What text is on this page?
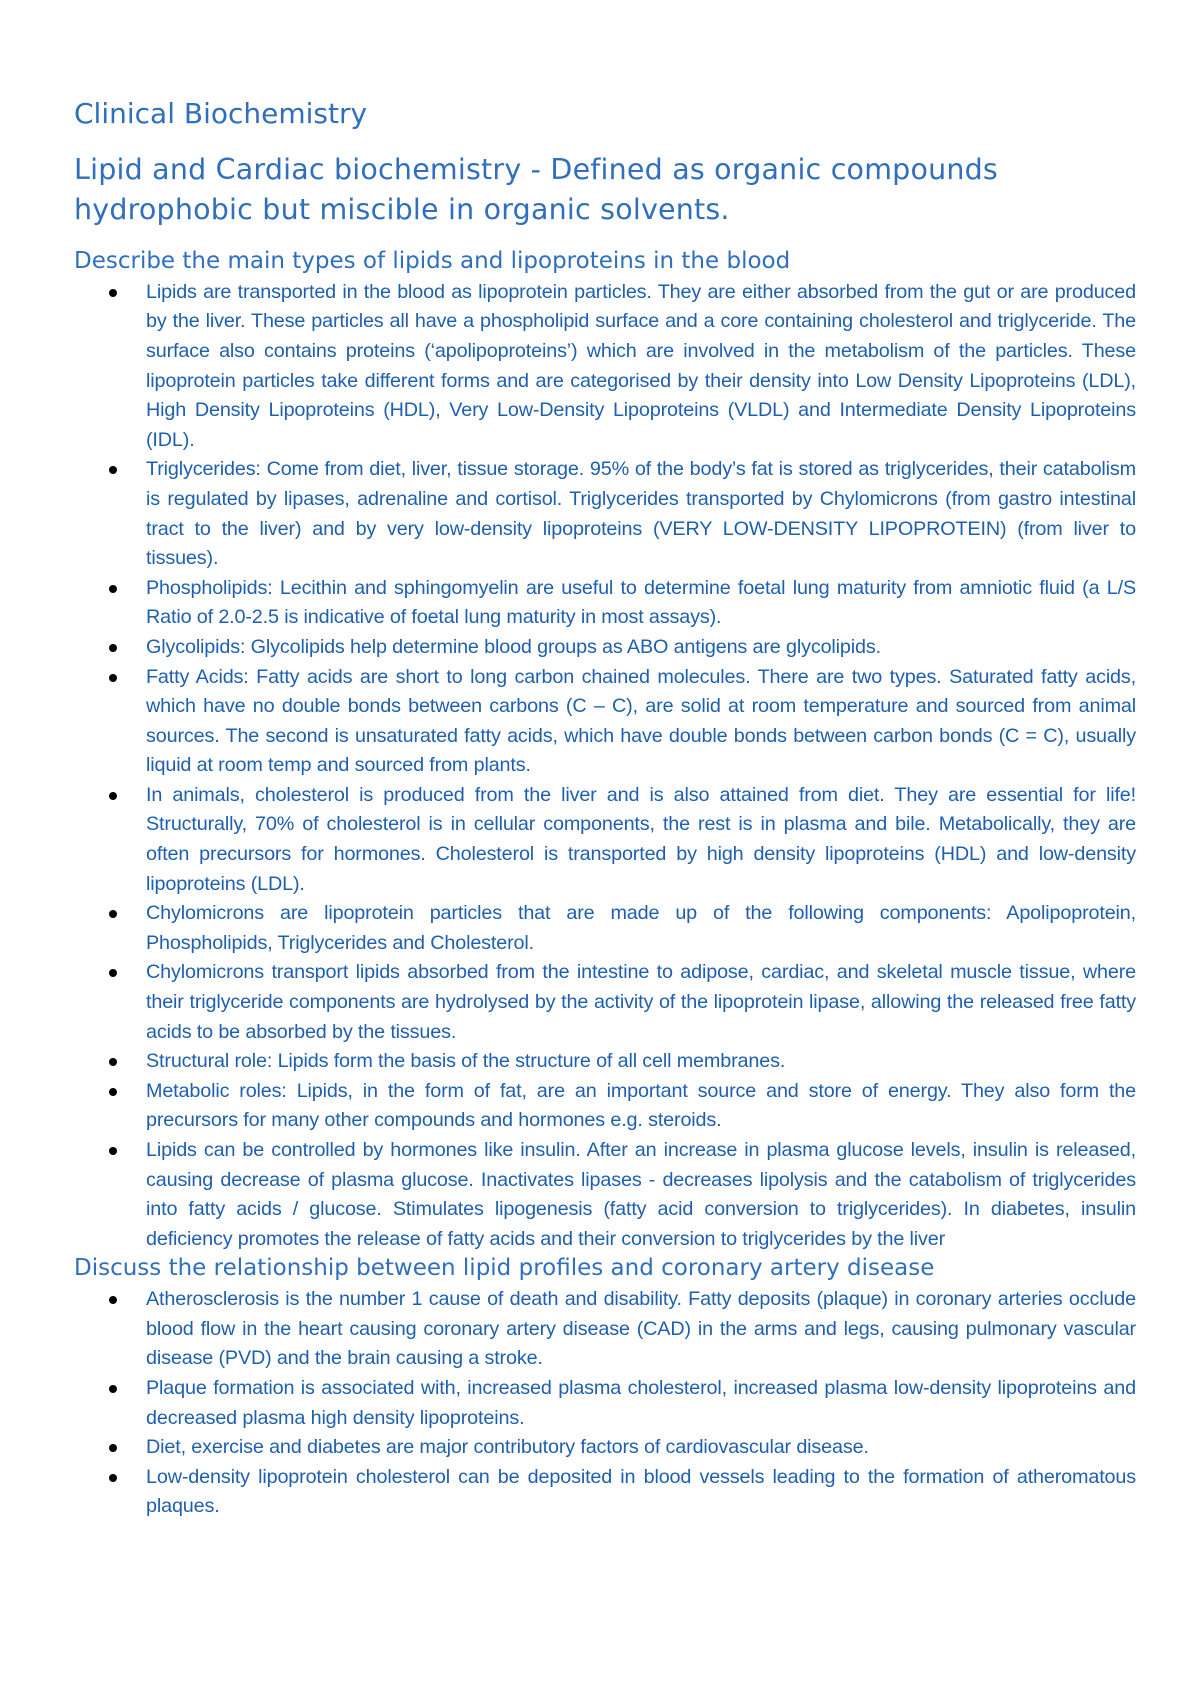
Clinical Biochemistry
Lipid and Cardiac biochemistry - Defined as organic compounds hydrophobic but miscible in organic solvents.
Describe the main types of lipids and lipoproteins in the blood
Lipids are transported in the blood as lipoprotein particles. They are either absorbed from the gut or are produced by the liver. These particles all have a phospholipid surface and a core containing cholesterol and triglyceride. The surface also contains proteins (‘apolipoproteins’) which are involved in the metabolism of the particles. These lipoprotein particles take different forms and are categorised by their density into Low Density Lipoproteins (LDL), High Density Lipoproteins (HDL), Very Low-Density Lipoproteins (VLDL) and Intermediate Density Lipoproteins (IDL).
Triglycerides: Come from diet, liver, tissue storage. 95% of the body’s fat is stored as triglycerides, their catabolism is regulated by lipases, adrenaline and cortisol. Triglycerides transported by Chylomicrons (from gastro intestinal tract to the liver) and by very low-density lipoproteins (VERY LOW-DENSITY LIPOPROTEIN) (from liver to tissues).
Phospholipids: Lecithin and sphingomyelin are useful to determine foetal lung maturity from amniotic fluid (a L/S Ratio of 2.0-2.5 is indicative of foetal lung maturity in most assays).
Glycolipids: Glycolipids help determine blood groups as ABO antigens are glycolipids.
Fatty Acids: Fatty acids are short to long carbon chained molecules. There are two types. Saturated fatty acids, which have no double bonds between carbons (C – C), are solid at room temperature and sourced from animal sources. The second is unsaturated fatty acids, which have double bonds between carbon bonds (C = C), usually liquid at room temp and sourced from plants.
In animals, cholesterol is produced from the liver and is also attained from diet. They are essential for life! Structurally, 70% of cholesterol is in cellular components, the rest is in plasma and bile. Metabolically, they are often precursors for hormones. Cholesterol is transported by high density lipoproteins (HDL) and low-density lipoproteins (LDL).
Chylomicrons are lipoprotein particles that are made up of the following components: Apolipoprotein, Phospholipids, Triglycerides and Cholesterol.
Chylomicrons transport lipids absorbed from the intestine to adipose, cardiac, and skeletal muscle tissue, where their triglyceride components are hydrolysed by the activity of the lipoprotein lipase, allowing the released free fatty acids to be absorbed by the tissues.
Structural role: Lipids form the basis of the structure of all cell membranes.
Metabolic roles: Lipids, in the form of fat, are an important source and store of energy. They also form the precursors for many other compounds and hormones e.g. steroids.
Lipids can be controlled by hormones like insulin. After an increase in plasma glucose levels, insulin is released, causing decrease of plasma glucose. Inactivates lipases - decreases lipolysis and the catabolism of triglycerides into fatty acids / glucose. Stimulates lipogenesis (fatty acid conversion to triglycerides). In diabetes, insulin deficiency promotes the release of fatty acids and their conversion to triglycerides by the liver
Discuss the relationship between lipid profiles and coronary artery disease
Atherosclerosis is the number 1 cause of death and disability. Fatty deposits (plaque) in coronary arteries occlude blood flow in the heart causing coronary artery disease (CAD) in the arms and legs, causing pulmonary vascular disease (PVD) and the brain causing a stroke.
Plaque formation is associated with, increased plasma cholesterol, increased plasma low-density lipoproteins and decreased plasma high density lipoproteins.
Diet, exercise and diabetes are major contributory factors of cardiovascular disease.
Low-density lipoprotein cholesterol can be deposited in blood vessels leading to the formation of atheromatous plaques.
